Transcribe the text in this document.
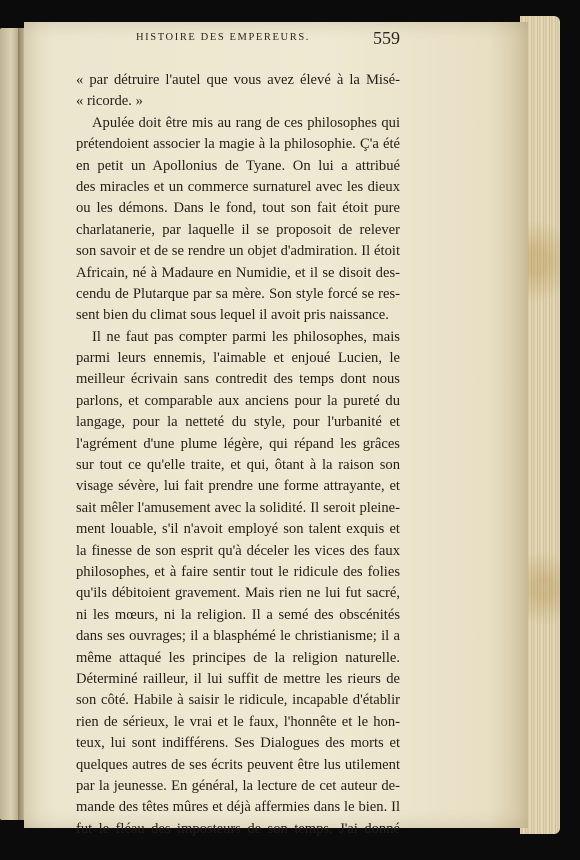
HISTOIRE DES EMPEREURS.	559
« par détruire l'autel que vous avez élevé à la Misé-
« ricorde. »
Apulée doit être mis au rang de ces philosophes qui
prétendoient associer la magie à la philosophie. Ç'a été
en petit un Apollonius de Tyane. On lui a attribué
des miracles et un commerce surnaturel avec les dieux
ou les démons. Dans le fond, tout son fait étoit pure
charlatanerie, par laquelle il se proposoit de relever
son savoir et de se rendre un objet d'admiration. Il étoit
Africain, né à Madaure en Numidie, et il se disoit des-
cendu de Plutarque par sa mère. Son style forcé se res-
sent bien du climat sous lequel il avoit pris naissance.
Il ne faut pas compter parmi les philosophes, mais
parmi leurs ennemis, l'aimable et enjoué Lucien, le
meilleur écrivain sans contredit des temps dont nous
parlons, et comparable aux anciens pour la pureté du
langage, pour la netteté du style, pour l'urbanité et
l'agrément d'une plume légère, qui répand les grâces
sur tout ce qu'elle traite, et qui, ôtant à la raison son
visage sévère, lui fait prendre une forme attrayante, et
sait mêler l'amusement avec la solidité. Il seroit pleine-
ment louable, s'il n'avoit employé son talent exquis et
la finesse de son esprit qu'à déceler les vices des faux
philosophes, et à faire sentir tout le ridicule des folies
qu'ils débitoient gravement. Mais rien ne lui fut sacré,
ni les mœurs, ni la religion. Il a semé des obscénités
dans ses ouvrages; il a blasphémé le christianisme; il a
même attaqué les principes de la religion naturelle.
Déterminé railleur, il lui suffit de mettre les rieurs de
son côté. Habile à saisir le ridicule, incapable d'établir
rien de sérieux, le vrai et le faux, l'honnête et le hon-
teux, lui sont indifférens. Ses Dialogues des morts et
quelques autres de ses écrits peuvent être lus utilement
par la jeunesse. En général, la lecture de cet auteur de-
mande des têtes mûres et déjà affermies dans le bien. Il
fut le fléau des imposteurs de son temps. J'ai donné
